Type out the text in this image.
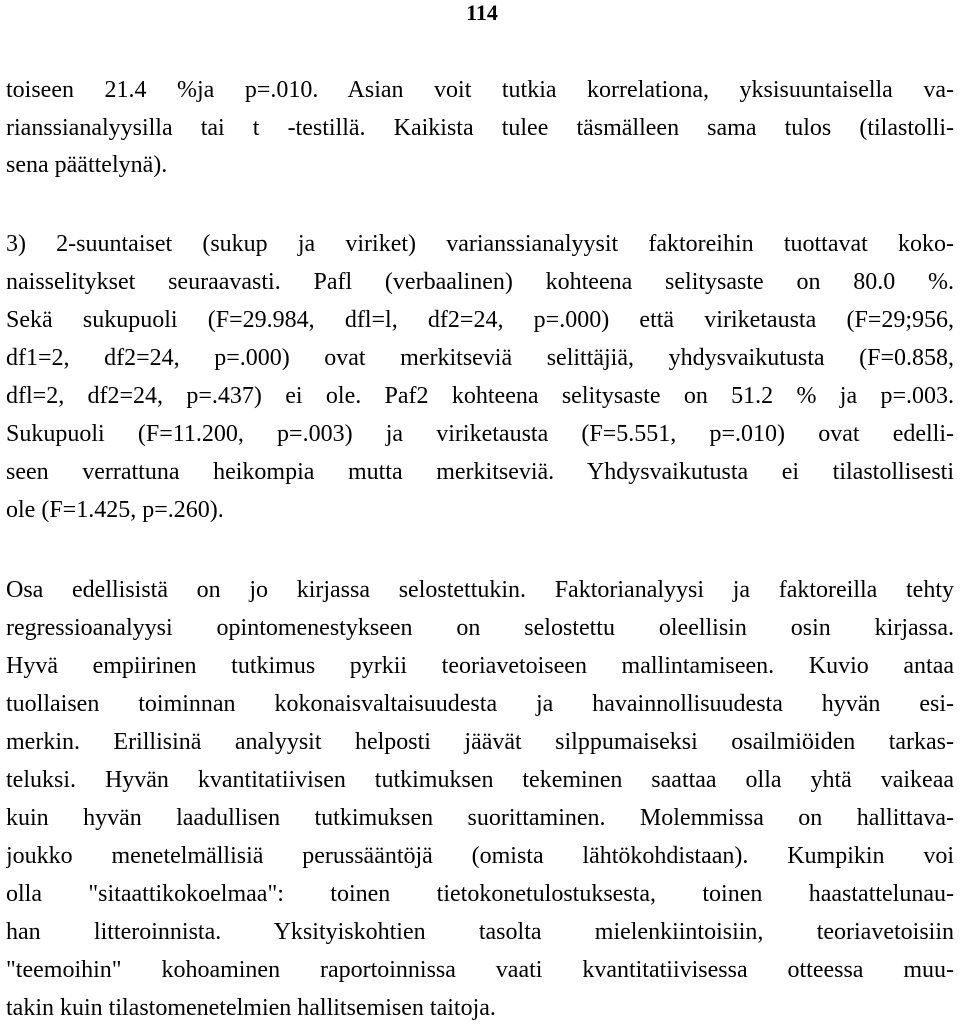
114
toiseen 21.4 %ja p=.010. Asian voit tutkia korrelationa, yksisuuntaisella va-
rianssianalyysilla tai t -testillä. Kaikista tulee täsmälleen sama tulos (tilastolli-
sena päättelynä).
3) 2-suuntaiset (sukup ja viriket) varianssianalyysit faktoreihin tuottavat koko-
naisselitykset seuraavasti. Pafl (verbaalinen) kohteena selitysaste on 80.0 %.
Sekä sukupuoli (F=29.984, dfl=l, df2=24, p=.000) että viriketausta (F=29;956,
df1=2, df2=24, p=.000) ovat merkitseviä selittäjiä, yhdysvaikutusta (F=0.858,
dfl=2, df2=24, p=.437) ei ole. Paf2 kohteena selitysaste on 51.2 % ja p=.003.
Sukupuoli (F=11.200, p=.003) ja viriketausta (F=5.551, p=.010) ovat edelli-
seen verrattuna heikompia mutta merkitseviä. Yhdysvaikutusta ei tilastollisesti
ole (F=1.425, p=.260).
Osa edellisistä on jo kirjassa selostettukin. Faktorianalyysi ja faktoreilla tehty
regressioanalyysi opintomenestykseen on selostettu oleellisin osin kirjassa.
Hyvä empiirinen tutkimus pyrkii teoriavetoiseen mallintamiseen. Kuvio antaa
tuollaisen toiminnan kokonaisvaltaisuudesta ja havainnollisuudesta hyvän esi-
merkin. Erillisinä analyysit helposti jäävät silppumaiseksi osailmiöiden tarkas-
teluksi. Hyvän kvantitatiivisen tutkimuksen tekeminen saattaa olla yhtä vaikeaa
kuin hyvän laadullisen tutkimuksen suorittaminen. Molemmissa on hallittava-
joukko menetelmällisiä perussääntöjä (omista lähtökohdistaan). Kumpikin voi
olla "sitaattikokoelmaa": toinen tietokonetulostuksesta, toinen haastattelunau-
han litteroinnista. Yksityiskohtien tasolta mielenkiintoisiin, teoriavetoisiin
"teemoihin" kohoaminen raportoinnissa vaati kvantitatiivisessa otteessa muu-
takin kuin tilastomenetelmien hallitsemisen taitoja.
